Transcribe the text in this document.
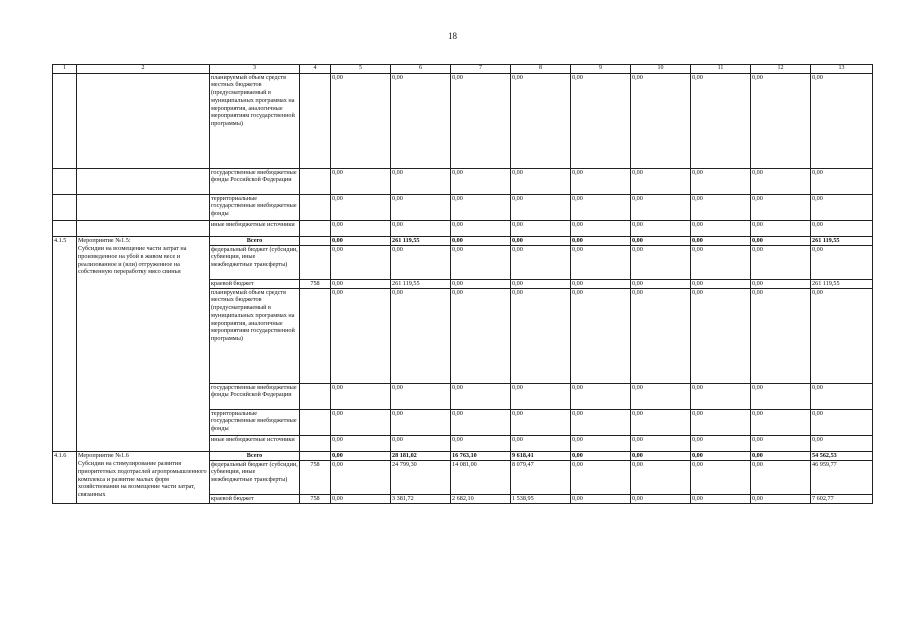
18
1	2	3	4	5	6	7	8	9	10	11	12	13
		планируемый объем средств местных бюджетов (предусматриваемый в муниципальных программах на мероприятия, аналогичные мероприятиям государственной программы)		0,00	0,00	0,00	0,00	0,00	0,00	0,00	0,00	0,00
		государственные внебюджетные фонды Российской Федерации		0,00	0,00	0,00	0,00	0,00	0,00	0,00	0,00	0,00
		территориальные государственные внебюджетные фонды		0,00	0,00	0,00	0,00	0,00	0,00	0,00	0,00	0,00
		иные внебюджетные источники		0,00	0,00	0,00	0,00	0,00	0,00	0,00	0,00	0,00
4.1.5	Мероприятие №1.5:	Всего		0,00	261 119,55	0,00	0,00	0,00	0,00	0,00	0,00	261 119,55
	Субсидии на возмещение части затрат на произведенное на убой в живом весе и реализованное и (или) отгруженное на собственную переработку мясо свиньи	федеральный бюджет (субсидии, субвенции, иные межбюджетные трансферты)		0,00	0,00	0,00	0,00	0,00	0,00	0,00	0,00	0,00
		краевой бюджет	758	0,00	261 119,55	0,00	0,00	0,00	0,00	0,00	0,00	261 119,55
		планируемый объем средств местных бюджетов (предусматриваемый в муниципальных программах на мероприятия, аналогичные мероприятиям государственной программы)		0,00	0,00	0,00	0,00	0,00	0,00	0,00	0,00	0,00
		государственные внебюджетные фонды Российской Федерации		0,00	0,00	0,00	0,00	0,00	0,00	0,00	0,00	0,00
		территориальные государственные внебюджетные фонды		0,00	0,00	0,00	0,00	0,00	0,00	0,00	0,00	0,00
		иные внебюджетные источники		0,00	0,00	0,00	0,00	0,00	0,00	0,00	0,00	0,00
4.1.6	Мероприятие №1.6	Всего		0,00	28 181,02	16 763,10	9 618,41	0,00	0,00	0,00	0,00	54 562,53
	Субсидии на стимулирование развития приоритетных подотраслей агропромышленного комплекса и развитие малых форм хозяйствования на возмещение части затрат, связанных	федеральный бюджет (субсидии, субвенции, иные межбюджетные трансферты)	758	0,00	24 799,30	14 081,00	8 079,47	0,00	0,00	0,00	0,00	46 959,77
		краевой бюджет	758	0,00	3 381,72	2 682,10	1 538,95	0,00	0,00	0,00	0,00	7 602,77
